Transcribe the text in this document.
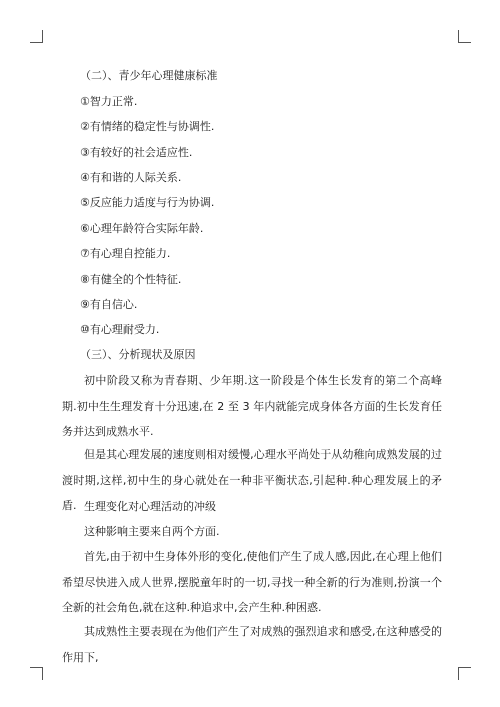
（二）、青少年心理健康标准
①智力正常.
②有情绪的稳定性与协调性.
③有较好的社会适应性.
④有和谐的人际关系.
⑤反应能力适度与行为协调.
⑥心理年龄符合实际年龄.
⑦有心理自控能力.
⑧有健全的个性特征.
⑨有自信心.
⑩有心理耐受力.
（三）、分析现状及原因
初中阶段又称为青春期、少年期.这一阶段是个体生长发育的第二个高峰期.初中生生理发育十分迅速,在 2 至 3 年内就能完成身体各方面的生长发育任务并达到成熟水平.
但是其心理发展的速度则相对缓慢,心理水平尚处于从幼稚向成熟发展的过渡时期,这样,初中生的身心就处在一种非平衡状态,引起种.种心理发展上的矛盾. 生理变化对心理活动的冲级
这种影响主要来自两个方面.
首先,由于初中生身体外形的变化,使他们产生了成人感,因此,在心理上他们希望尽快进入成人世界,摆脱童年时的一切,寻找一种全新的行为准则,扮演一个全新的社会角色,就在这种.种追求中,会产生种.种困惑.
其成熟性主要表现在为他们产生了对成熟的强烈追求和感受,在这种感受的作用下,
